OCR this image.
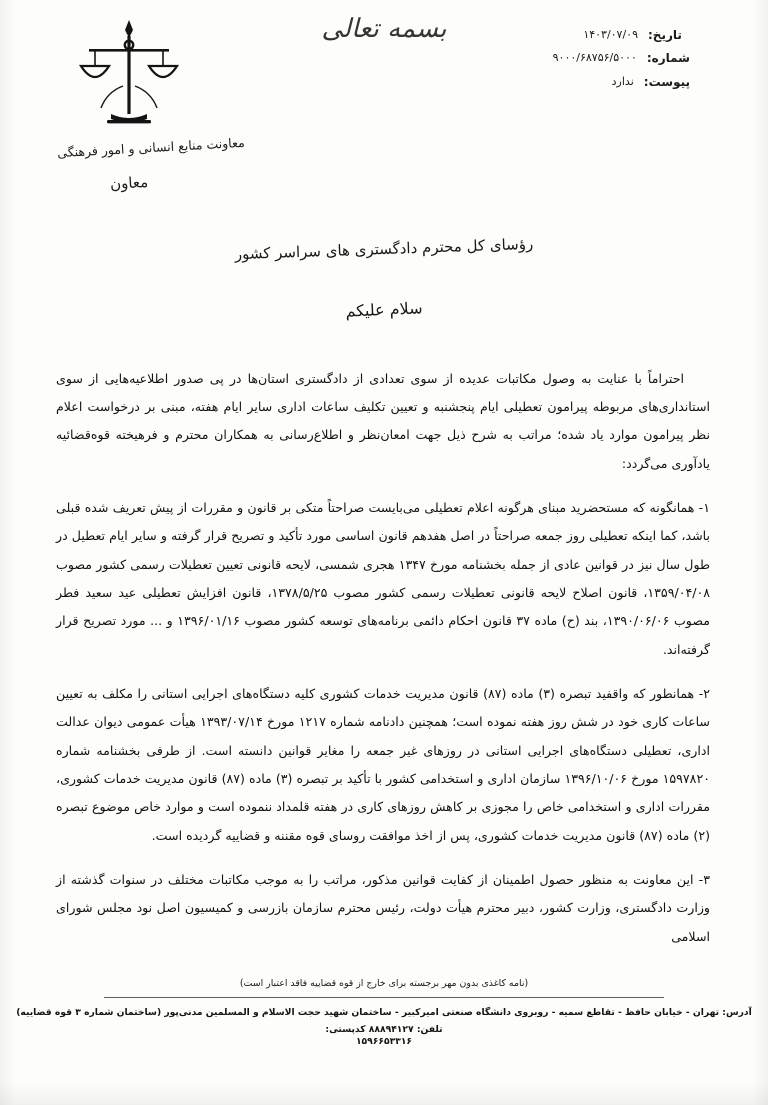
بسمه تعالی	تاریخ:
۱۴۰۳/۰۷/۰۹
شماره:
۹۰۰۰/۶۸۷۵۶/۵۰۰۰
پیوست:
ندارد
معاونت منابع انسانی و امور فرهنگی
معاون
رؤسای کل محترم دادگستری های سراسر کشور
سلام علیکم

احتراماً با عنایت به وصول مکاتبات عدیده از سوی تعدادی از دادگستری استان‌ها در پی صدور اطلاعیه‌هایی از سوی استانداری‌های مربوطه پیرامون تعطیلی ایام پنجشنبه و تعیین تکلیف ساعات اداری سایر ایام هفته، مبنی بر درخواست اعلام نظر پیرامون موارد یاد شده؛ مراتب به شرح ذیل جهت امعان‌نظر و اطلاع‌رسانی به همکاران محترم و فرهیخته قوه‌قضائیه یادآوری می‌گردد:

۱- همانگونه که مستحضرید مبنای هرگونه اعلام تعطیلی می‌بایست صراحتاً متکی بر قانون و مقررات از پیش تعریف شده قبلی باشد، کما اینکه تعطیلی روز جمعه صراحتاً در اصل هفدهم قانون اساسی مورد تأکید و تصریح قرار گرفته و سایر ایام تعطیل در طول سال نیز در قوانین عادی از جمله بخشنامه مورخ ۱۳۴۷ هجری شمسی، لایحه قانونی تعیین تعطیلات رسمی کشور مصوب ۱۳۵۹/۰۴/۰۸، قانون اصلاح لایحه قانونی تعطیلات رسمی کشور مصوب ۱۳۷۸/۵/۲۵، قانون افزایش تعطیلی عید سعید فطر مصوب ۱۳۹۰/۰۶/۰۶، بند (ح) ماده ۳۷ قانون احکام دائمی برنامه‌های توسعه کشور مصوب ۱۳۹۶/۰۱/۱۶ و ... مورد تصریح قرار گرفته‌اند.

۲- همانطور که واقفید تبصره (۳) ماده (۸۷) قانون مدیریت خدمات کشوری کلیه دستگاه‌های اجرایی استانی را مکلف به تعیین ساعات کاری خود در شش روز هفته نموده است؛ همچنین دادنامه شماره ۱۲۱۷ مورخ ۱۳۹۳/۰۷/۱۴ هیأت عمومی دیوان عدالت اداری، تعطیلی دستگاه‌های اجرایی استانی در روزهای غیر جمعه را مغایر قوانین دانسته است. از طرفی بخشنامه شماره ۱۵۹۷۸۲۰ مورخ ۱۳۹۶/۱۰/۰۶ سازمان اداری و استخدامی کشور با تأکید بر تبصره (۳) ماده (۸۷) قانون مدیریت خدمات کشوری، مقررات اداری و استخدامی خاص را مجوزی بر کاهش روزهای کاری در هفته قلمداد ننموده است و موارد خاص موضوع تبصره (۲) ماده (۸۷) قانون مدیریت خدمات کشوری، پس از اخذ موافقت روسای قوه مقننه و قضاییه گردیده است.

۳- این معاونت به منظور حصول اطمینان از کفایت قوانین مذکور، مراتب را به موجب مکاتبات مختلف در سنوات گذشته از وزارت دادگستری، وزارت کشور، دبیر محترم هیأت دولت، رئیس محترم سازمان بازرسی و کمیسیون اصل نود مجلس شورای اسلامی

(نامه کاغذی بدون مهر برجسته برای خارج از قوه قضاییه فاقد اعتبار است)
آدرس: تهران - خیابان حافظ - تقاطع سمیه - روبروی دانشگاه صنعتی امیرکبیر - ساختمان شهید حجت الاسلام و المسلمین مدنی‌پور (ساختمان شماره ۳ قوه قضاییه)
تلفن: ۸۸۸۹۴۱۲۷ کدپستی:
۱۵۹۶۶۵۳۳۱۶
